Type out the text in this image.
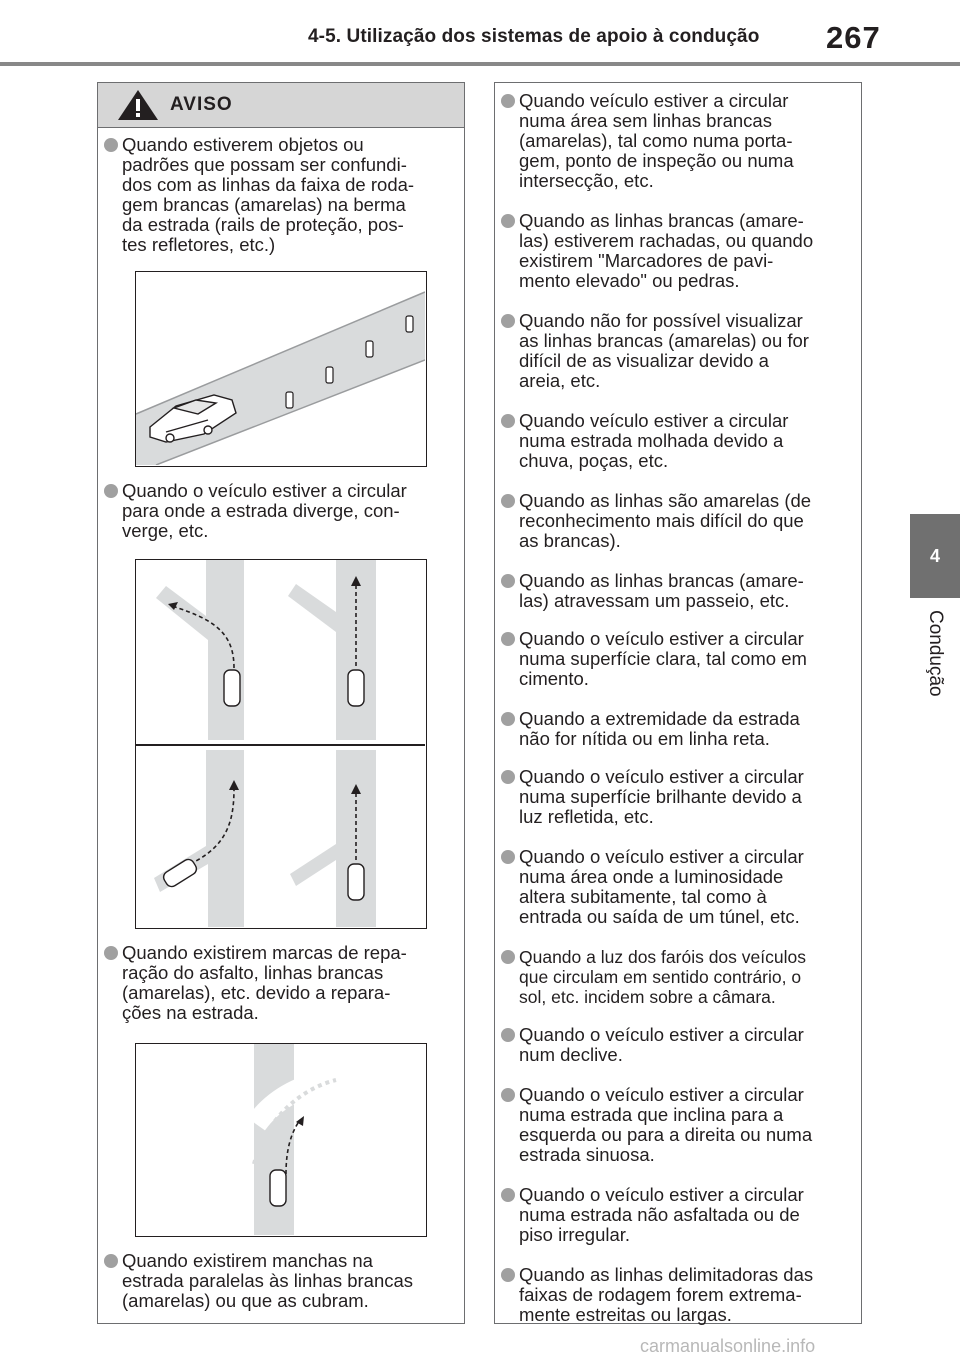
4-5. Utilização dos sistemas de apoio à condução 267
4
Condução
AVISO
Quando estiverem objetos ou
padrões que possam ser confundi-
dos com as linhas da faixa de roda-
gem brancas (amarelas) na berma
da estrada (rails de proteção, pos-
tes refletores, etc.)
Quando o veículo estiver a circular
para onde a estrada diverge, con-
verge, etc.
Quando existirem marcas de repa-
ração do asfalto, linhas brancas
(amarelas), etc. devido a repara-
ções na estrada.
Quando existirem manchas na
estrada paralelas às linhas brancas
(amarelas) ou que as cubram.
Quando veículo estiver a circular
numa área sem linhas brancas
(amarelas), tal como numa porta-
gem, ponto de inspeção ou numa
intersecção, etc.
Quando as linhas brancas (amare-
las) estiverem rachadas, ou quando
existirem "Marcadores de pavi-
mento elevado" ou pedras.
Quando não for possível visualizar
as linhas brancas (amarelas) ou for
difícil de as visualizar devido a
areia, etc.
Quando veículo estiver a circular
numa estrada molhada devido a
chuva, poças, etc.
Quando as linhas são amarelas (de
reconhecimento mais difícil do que
as brancas).
Quando as linhas brancas (amare-
las) atravessam um passeio, etc.
Quando o veículo estiver a circular
numa superfície clara, tal como em
cimento.
Quando a extremidade da estrada
não for nítida ou em linha reta.
Quando o veículo estiver a circular
numa superfície brilhante devido a
luz refletida, etc.
Quando o veículo estiver a circular
numa área onde a luminosidade
altera subitamente, tal como à
entrada ou saída de um túnel, etc.
Quando a luz dos faróis dos veículos
que circulam em sentido contrário, o
sol, etc. incidem sobre a câmara.
Quando o veículo estiver a circular
num declive.
Quando o veículo estiver a circular
numa estrada que inclina para a
esquerda ou para a direita ou numa
estrada sinuosa.
Quando o veículo estiver a circular
numa estrada não asfaltada ou de
piso irregular.
Quando as linhas delimitadoras das
faixas de rodagem forem extrema-
mente estreitas ou largas.
carmanualsonline.info
